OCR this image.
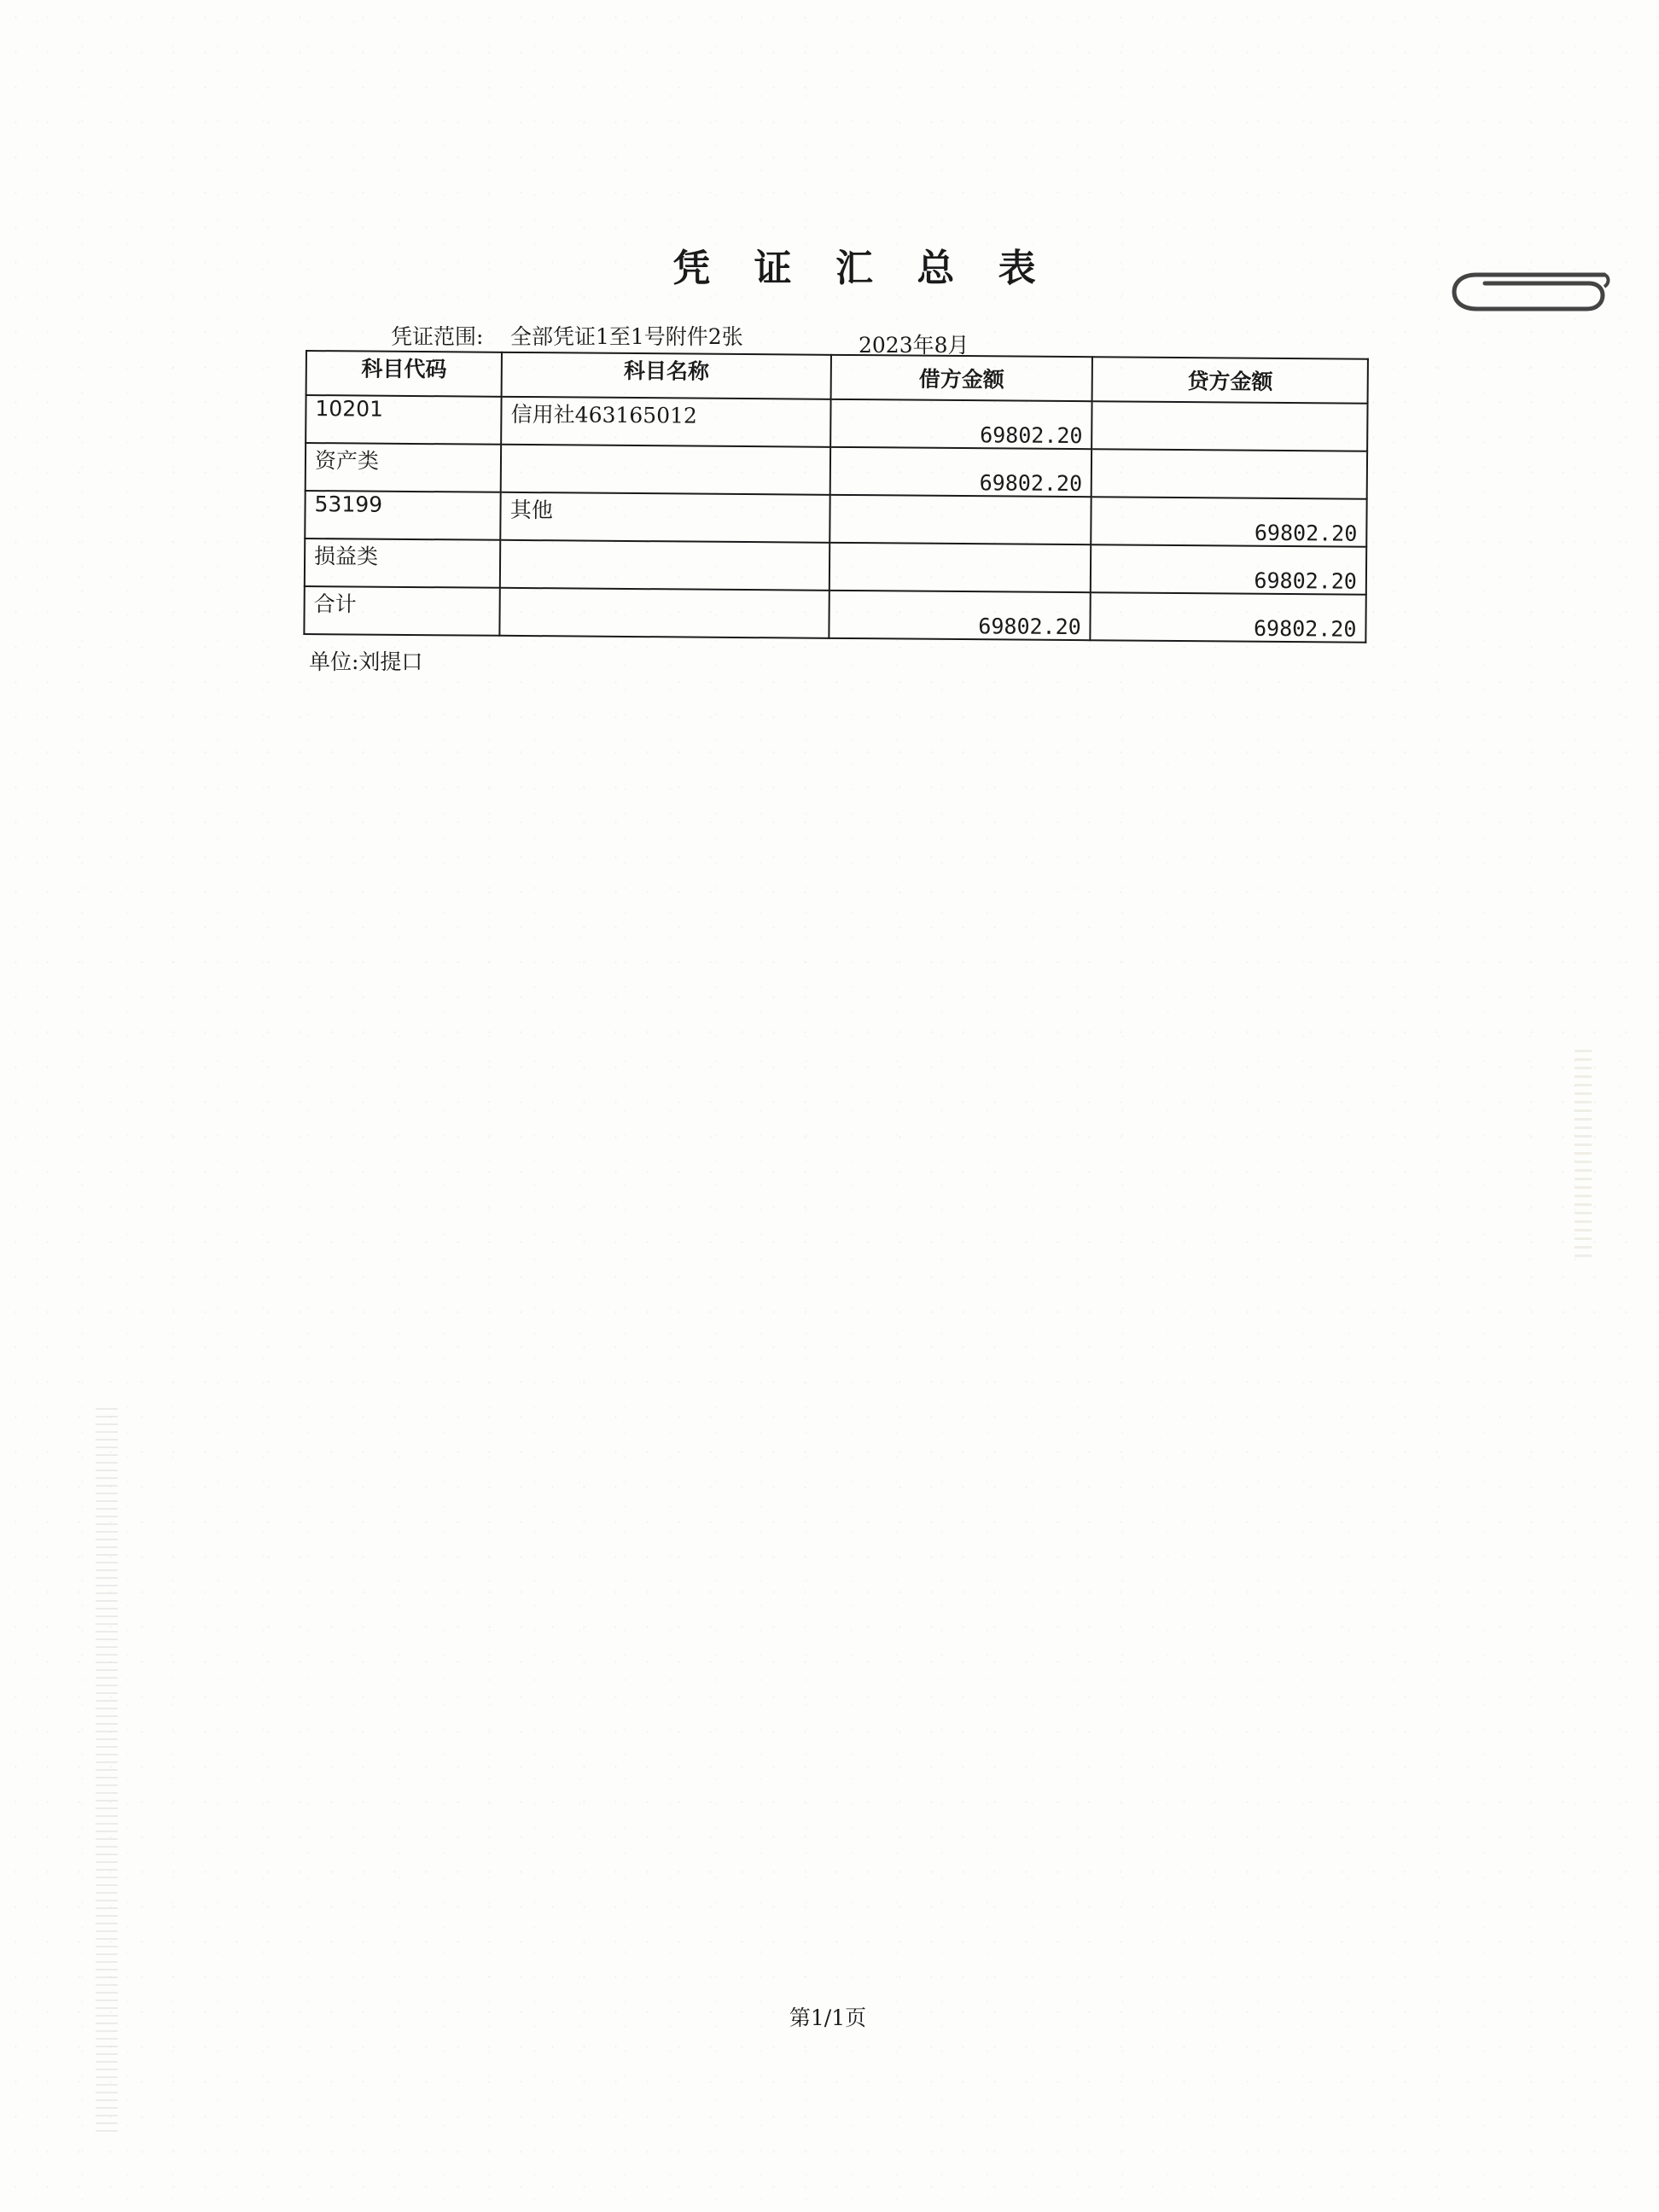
凭 证 汇 总 表
凭证范围: 全部凭证1至1号附件2张	2023年8月
科目代码	科目名称	借方金额	贷方金额
10201	信用社463165012	69802.20	
资产类		69802.20	
53199	其他		69802.20
损益类			69802.20
合计		69802.20	69802.20
单位:刘提口
第1/1页
